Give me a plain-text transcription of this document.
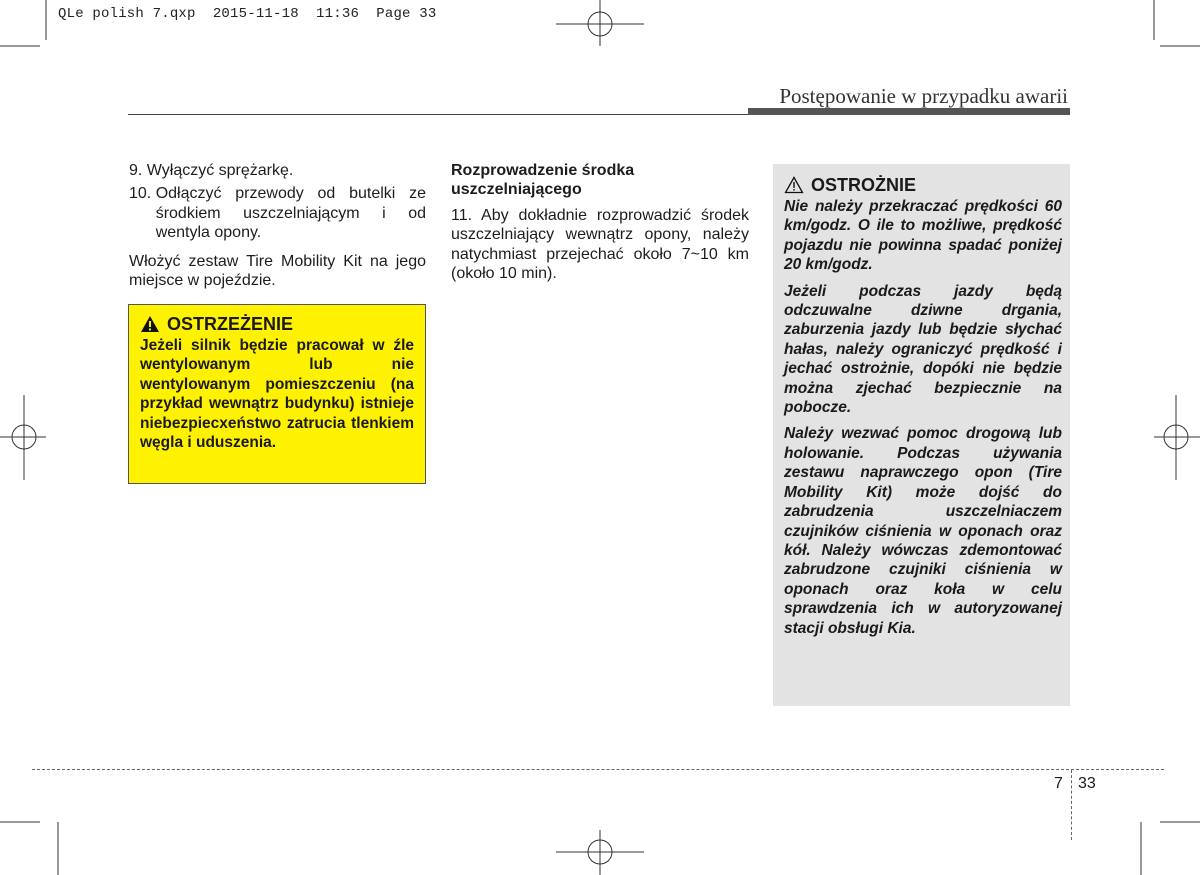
QLe polish 7.qxp  2015-11-18  11:36  Page 33
Postępowanie w przypadku awarii
9. Wyłączyć sprężarkę.
10. Odłączyć przewody od butelki ze środkiem uszczelniającym i od wentyla opony.
Włożyć zestaw Tire Mobility Kit na jego miejsce w pojeździe.
OSTRZEŻENIE
Jeżeli silnik będzie pracował w źle wentylowanym lub nie wentylowanym pomieszczeniu (na przykład wewnątrz budynku) istnieje niebezpiecxeństwo zatrucia tlenkiem węgla i uduszenia.
Rozprowadzenie środka uszczelniającego
11. Aby dokładnie rozprowadzić środek uszczelniający wewnątrz opony, należy natychmiast przejechać około 7~10 km (około 10 min).
OSTROŻNIE

Nie należy przekraczać prędkości 60 km/godz. O ile to możliwe, prędkość pojazdu nie powinna spadać poniżej 20 km/godz.

Jeżeli podczas jazdy będą odczuwalne dziwne drgania, zaburzenia jazdy lub będzie słychać hałas, należy ograniczyć prędkość i jechać ostrożnie, dopóki nie będzie można zjechać bezpiecznie na pobocze.

Należy wezwać pomoc drogową lub holowanie. Podczas używania zestawu naprawczego opon (Tire Mobility Kit) może dojść do zabrudzenia uszczelniaczem czujników ciśnienia w oponach oraz kół. Należy wówczas zdemontować zabrudzone czujniki ciśnienia w oponach oraz koła w celu sprawdzenia ich w autoryzowanej stacji obsługi Kia.

7 33
